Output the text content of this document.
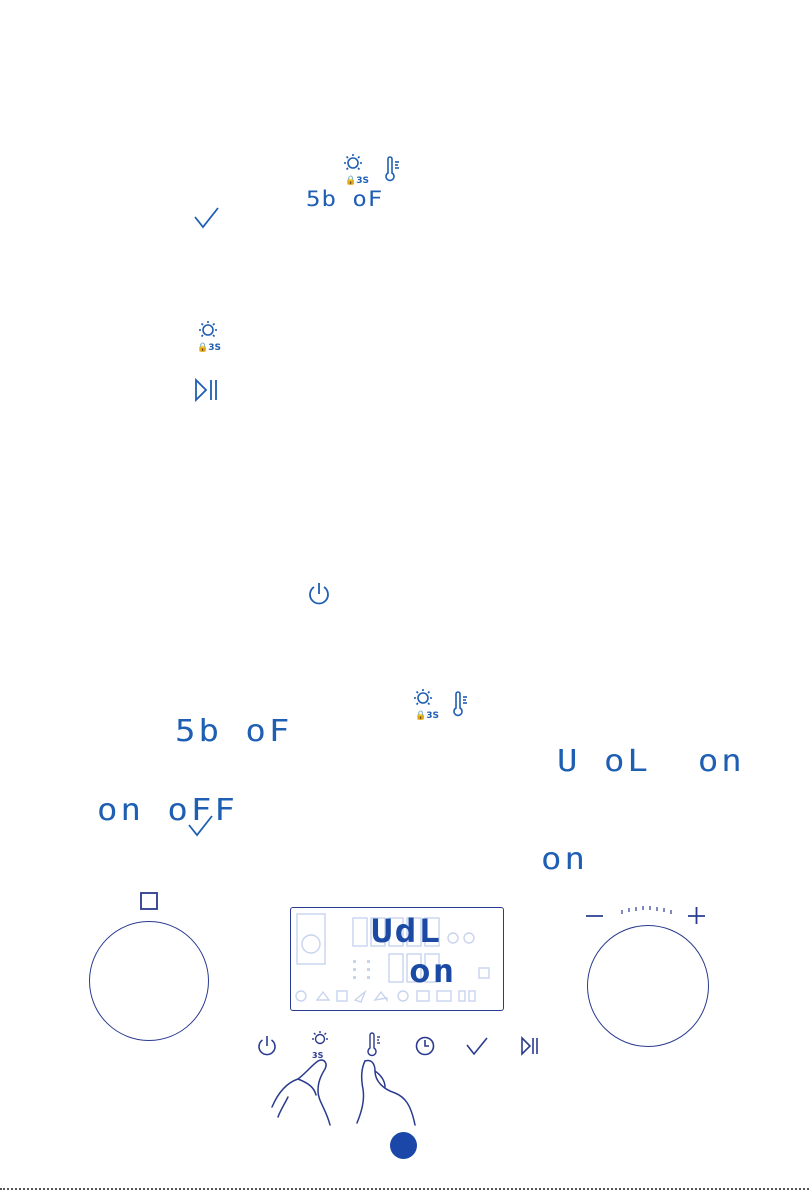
🔒3S
5b oF
🔒3S
🔒3S
5b oF
U oL  on
on oFF
on
UdL
on
3S
